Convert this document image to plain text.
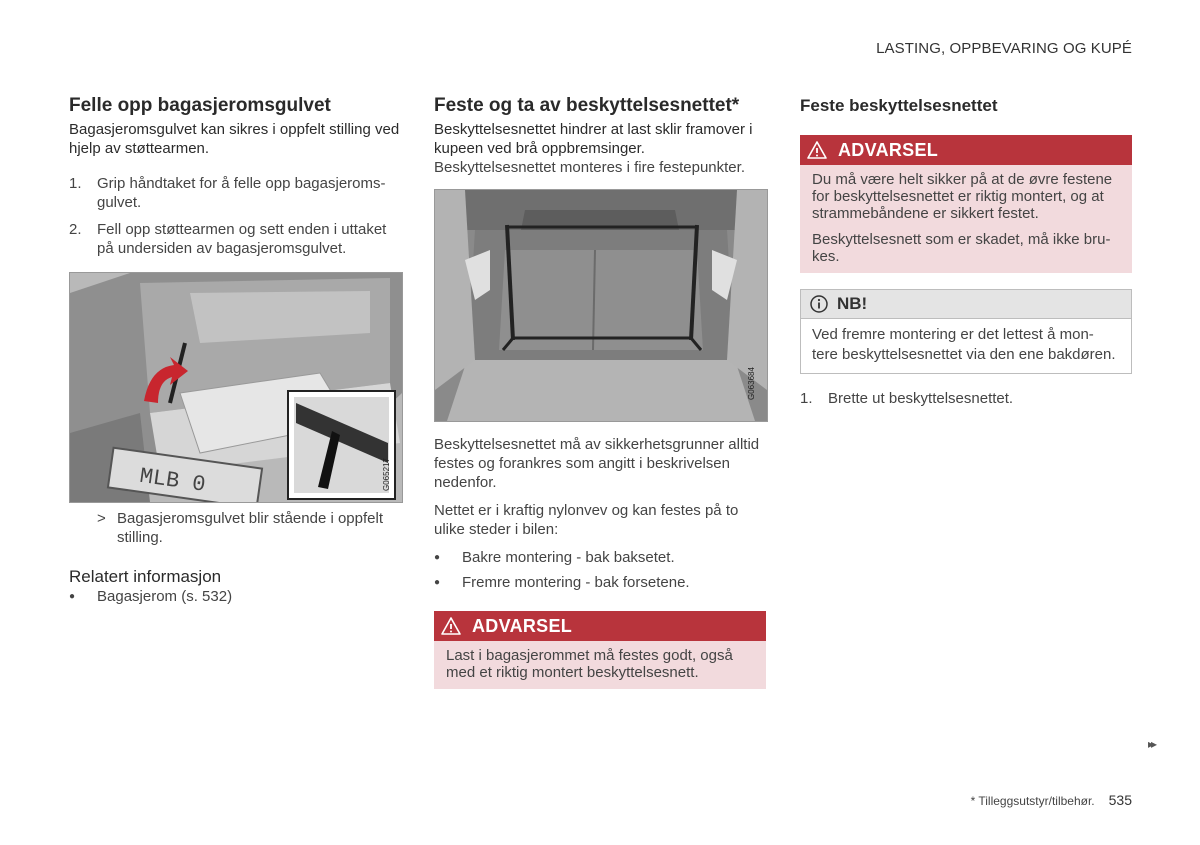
LASTING, OPPBEVARING OG KUPÉ
Felle opp bagasjeromsgulvet

Bagasjeromsgulvet kan sikres i oppfelt stilling ved hjelp av støttearmen.

1. Grip håndtaket for å felle opp bagasjeroms-
gulvet.
2. Fell opp støttearmen og sett enden i uttaket
på undersiden av bagasjeromsgulvet.
MLB 0	G065217
> Bagasjeromsgulvet blir stående i oppfelt
stilling.
Relatert informasjon
● Bagasjerom (s. 532)
Feste og ta av beskyttelsesnettet*

Beskyttelsesnettet hindrer at last sklir framover i
kupeen ved brå oppbremsinger.

Beskyttelsesnettet monteres i fire festepunkter.

G063684

Beskyttelsesnettet må av sikkerhetsgrunner alltid
festes og forankres som angitt i beskrivelsen
nedenfor.

Nettet er i kraftig nylonvev og kan festes på to
ulike steder i bilen:

● Bakre montering - bak baksetet.
● Fremre montering - bak forsetene.
ADVARSEL

Last i bagasjerommet må festes godt, også
med et riktig montert beskyttelsesnett.

Feste beskyttelsesnettet
ADVARSEL

Du må være helt sikker på at de øvre festene
for beskyttelsesnettet er riktig montert, og at
strammebåndene er sikkert festet.

Beskyttelsesnett som er skadet, må ikke bru-
kes.

NB!

Ved fremre montering er det lettest å mon-
tere beskyttelsesnettet via den ene bakdøren.

1. Brette ut beskyttelsesnettet.
▸▸
* Tilleggsutstyr/tilbehør. 535
